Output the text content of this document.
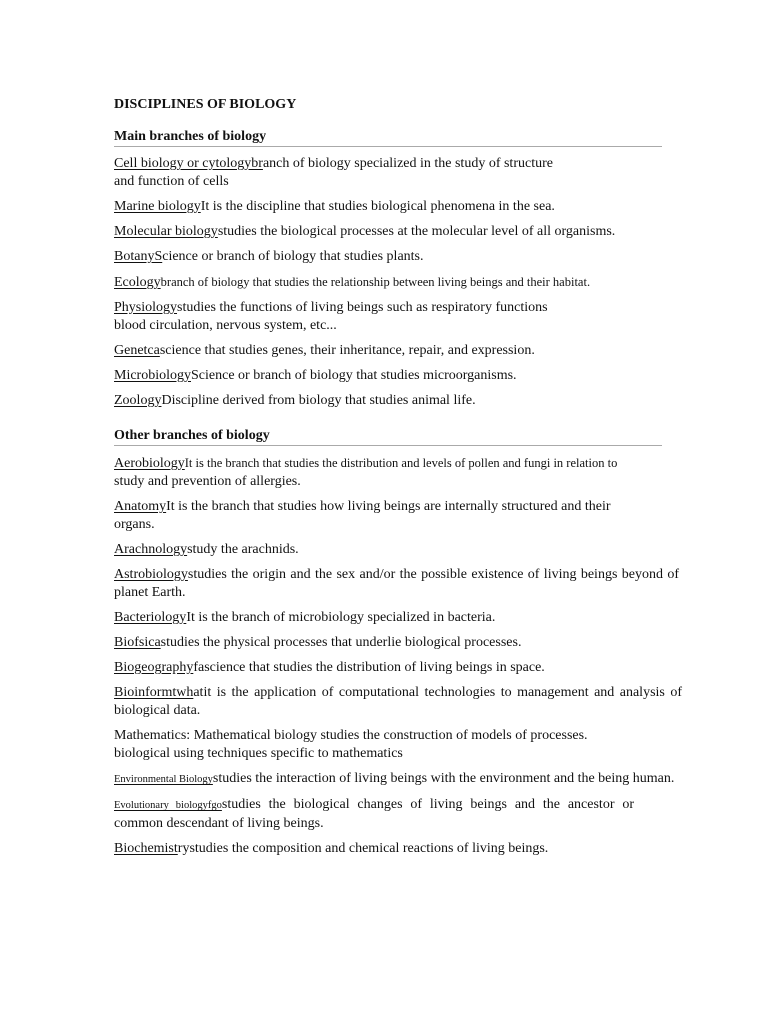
DISCIPLINES OF BIOLOGY
Main branches of biology
Cell biology or cytologybranch of biology specialized in the study of structure
and function of cells
Marine biologyIt is the discipline that studies biological phenomena in the sea.
Molecular biologystudies the biological processes at the molecular level of all organisms.
BotanyScience or branch of biology that studies plants.
Ecologybranch of biology that studies the relationship between living beings and their habitat.
Physiologystudies the functions of living beings such as respiratory functions
blood circulation, nervous system, etc...
Genetcascience that studies genes, their inheritance, repair, and expression.
MicrobiologyScience or branch of biology that studies microorganisms.
ZoologyDiscipline derived from biology that studies animal life.
Other branches of biology
AerobiologyIt is the branch that studies the distribution and levels of pollen and fungi in relation to
study and prevention of allergies.
AnatomyIt is the branch that studies how living beings are internally structured and their organs.
Arachnologystudy the arachnids.
Astrobiologystudies the origin and the sex and/or the possible existence of living beings beyond of planet Earth.
BacteriologyIt is the branch of microbiology specialized in bacteria.
Biofsicastudies the physical processes that underlie biological processes.
Biogeographyfascience that studies the distribution of living beings in space.
Bioinformtwhatit is the application of computational technologies to management and analysis of biological data.
Mathematics: Mathematical biology studies the construction of models of processes.
biological using techniques specific to mathematics
Environmental Biologystudies the interaction of living beings with the environment and the being human.
Evolutionary biologyfgostudies the biological changes of living beings and the ancestor or common descendant of living beings.
Biochemistrystudies the composition and chemical reactions of living beings.
